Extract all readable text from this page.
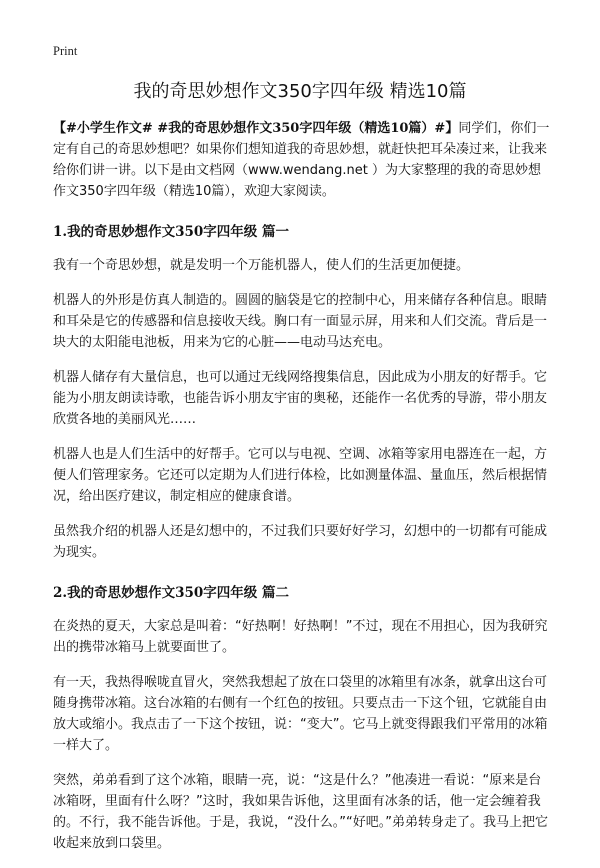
Print
我的奇思妙想作文350字四年级 精选10篇

【#小学生作文# #我的奇思妙想作文350字四年级（精选10篇）#】同学们，你们一定有自己的奇思妙想吧？如果你们想知道我的奇思妙想，就赶快把耳朵凑过来，让我来给你们讲一讲。以下是由文档网（www.wendang.net ）为大家整理的我的奇思妙想作文350字四年级（精选10篇），欢迎大家阅读。

1.我的奇思妙想作文350字四年级 篇一

我有一个奇思妙想，就是发明一个万能机器人，使人们的生活更加便捷。

机器人的外形是仿真人制造的。圆圆的脑袋是它的控制中心，用来储存各种信息。眼睛和耳朵是它的传感器和信息接收天线。胸口有一面显示屏，用来和人们交流。背后是一块大的太阳能电池板，用来为它的心脏——电动马达充电。

机器人储存有大量信息，也可以通过无线网络搜集信息，因此成为小朋友的好帮手。它能为小朋友朗读诗歌，也能告诉小朋友宇宙的奥秘，还能作一名优秀的导游，带小朋友欣赏各地的美丽风光……

机器人也是人们生活中的好帮手。它可以与电视、空调、冰箱等家用电器连在一起，方便人们管理家务。它还可以定期为人们进行体检，比如测量体温、量血压，然后根据情况，给出医疗建议，制定相应的健康食谱。

虽然我介绍的机器人还是幻想中的，不过我们只要好好学习，幻想中的一切都有可能成为现实。

2.我的奇思妙想作文350字四年级 篇二

在炎热的夏天，大家总是叫着：“好热啊！好热啊！”不过，现在不用担心，因为我研究出的携带冰箱马上就要面世了。

有一天，我热得喉咙直冒火，突然我想起了放在口袋里的冰箱里有冰条，就拿出这台可随身携带冰箱。这台冰箱的右侧有一个红色的按钮。只要点击一下这个钮，它就能自由放大或缩小。我点击了一下这个按钮，说：“变大”。它马上就变得跟我们平常用的冰箱一样大了。

突然，弟弟看到了这个冰箱，眼睛一亮，说：“这是什么？”他凑进一看说：“原来是台冰箱呀，里面有什么呀？”这时，我如果告诉他，这里面有冰条的话，他一定会缠着我的。不行，我不能告诉他。于是，我说，“没什么。”“好吧。”弟弟转身走了。我马上把它收起来放到口袋里。
